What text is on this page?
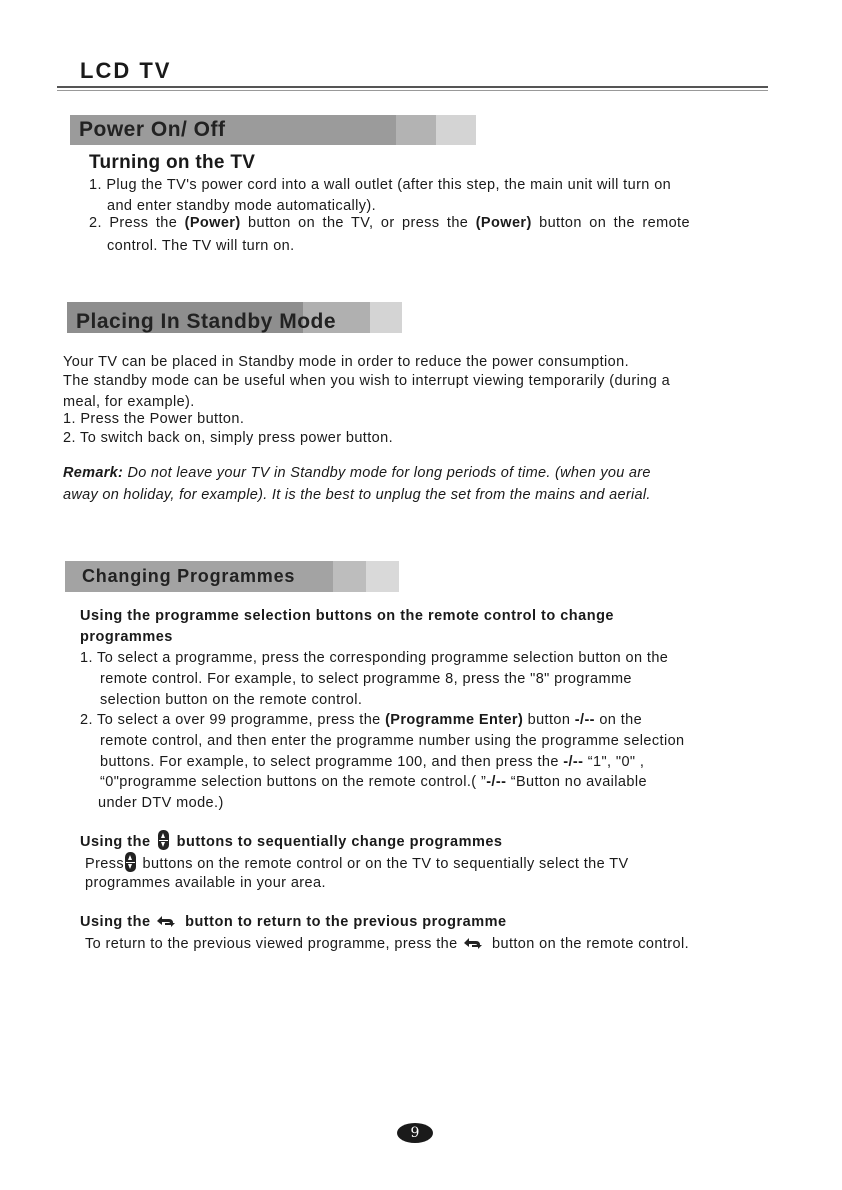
LCD TV
Power On/ Off
Turning on the TV
1. Plug the TV's power cord into a wall outlet (after this step, the main unit will turn on
and enter standby mode automatically).
2. Press the (Power) button on the TV, or press the (Power) button on the remote
control. The TV will turn on.
Placing In Standby Mode
Your TV can be placed in Standby mode in order to reduce the power consumption.
The standby mode can be useful when you wish to interrupt viewing temporarily (during a
meal, for example).
1. Press the Power button.
2. To switch back on, simply press power button.
Remark: Do not leave your TV in Standby mode for long periods of time. (when you are
away on holiday, for example). It is the best to unplug the set from the mains and aerial.
Changing Programmes
Using the programme selection buttons on the remote control to change
programmes
1. To select a programme, press the corresponding programme selection button on the
remote control. For example, to select programme 8, press the "8" programme
selection button on the remote control.
2. To select a over 99 programme, press the (Programme Enter) button -/-- on the
remote control, and then enter the programme number using the programme selection
buttons. For example, to select programme 100, and then press the -/-- “1", "0" ,
“0"programme selection buttons on the remote control.( ”-/-- “Button no available
under DTV mode.)
Using the
buttons to sequentially change programmes
Press
buttons on the remote control or on the TV to sequentially select the TV
programmes available in your area.
Using the button to return to the previous programme
To return to the previous viewed programme, press the button on the remote control.
9
